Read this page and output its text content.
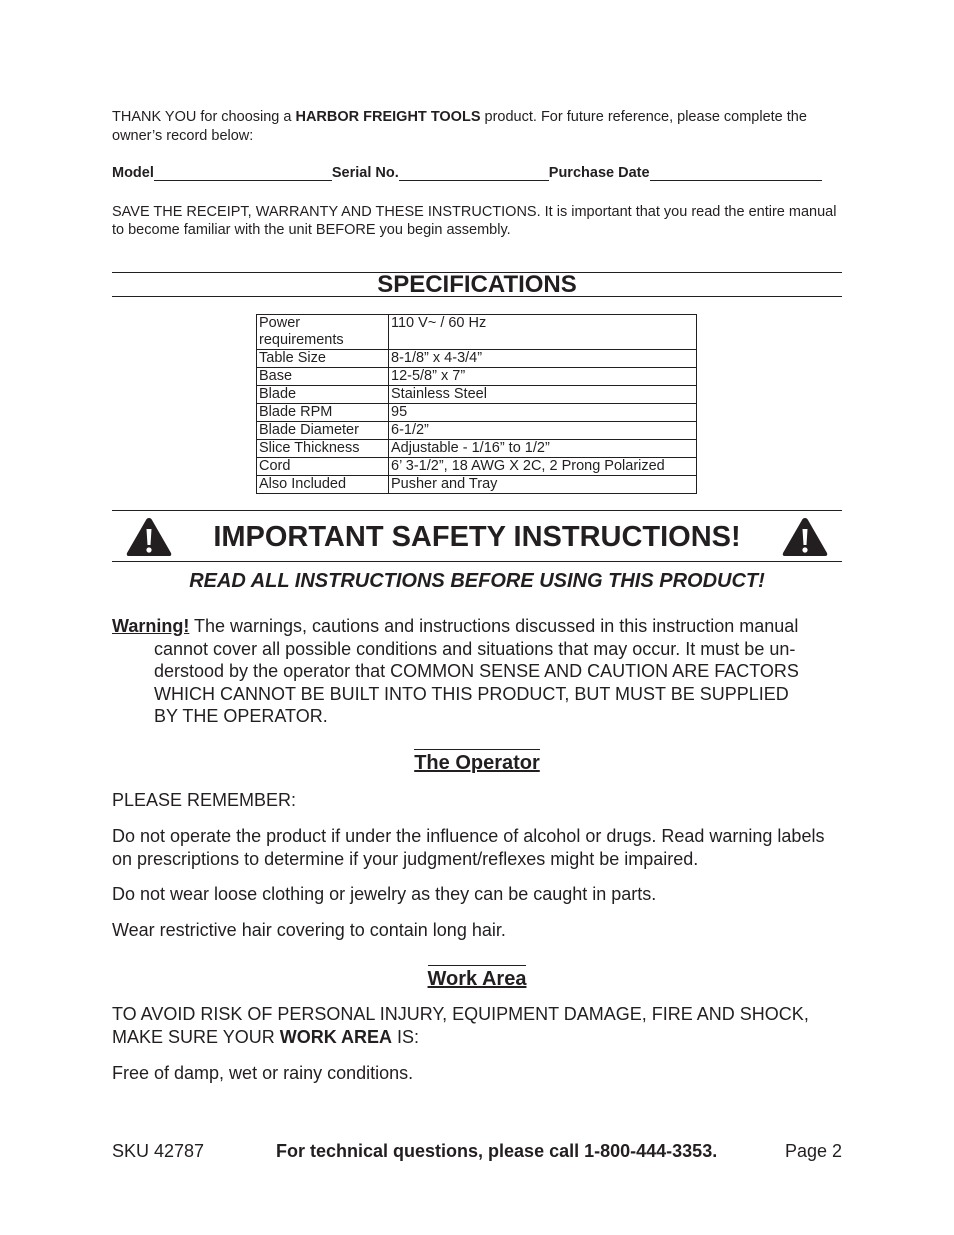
THANK YOU for choosing a HARBOR FREIGHT TOOLS product. For future reference, please complete the owner’s record below:
Model	Serial No.	Purchase Date
SAVE THE RECEIPT, WARRANTY AND THESE INSTRUCTIONS. It is important that you read the entire manual to become familiar with the unit BEFORE you begin assembly.
SPECIFICATIONS
Power requirements	110 V~ / 60 Hz
Table Size	8-1/8” x 4-3/4”
Base	12-5/8” x 7”
Blade	Stainless Steel
Blade RPM	95
Blade Diameter	6-1/2”
Slice Thickness	Adjustable - 1/16” to 1/2”
Cord	6’ 3-1/2”, 18 AWG X 2C, 2 Prong Polarized
Also Included	Pusher and Tray
IMPORTANT SAFETY INSTRUCTIONS!
READ ALL INSTRUCTIONS BEFORE USING THIS PRODUCT!
Warning! The warnings, cautions and instructions discussed in this instruction manual
cannot cover all possible conditions and situations that may occur. It must be un-
derstood by the operator that COMMON SENSE AND CAUTION ARE FACTORS
WHICH CANNOT BE BUILT INTO THIS PRODUCT, BUT MUST BE SUPPLIED
BY THE OPERATOR.
The Operator
PLEASE REMEMBER:
Do not operate the product if under the influence of alcohol or drugs. Read warning labels on prescriptions to determine if your judgment/reflexes might be impaired.
Do not wear loose clothing or jewelry as they can be caught in parts.
Wear restrictive hair covering to contain long hair.
Work Area
TO AVOID RISK OF PERSONAL INJURY, EQUIPMENT DAMAGE, FIRE AND SHOCK, MAKE SURE YOUR WORK AREA IS:
Free of damp, wet or rainy conditions.
SKU 42787	For technical questions, please call 1-800-444-3353.	Page 2
